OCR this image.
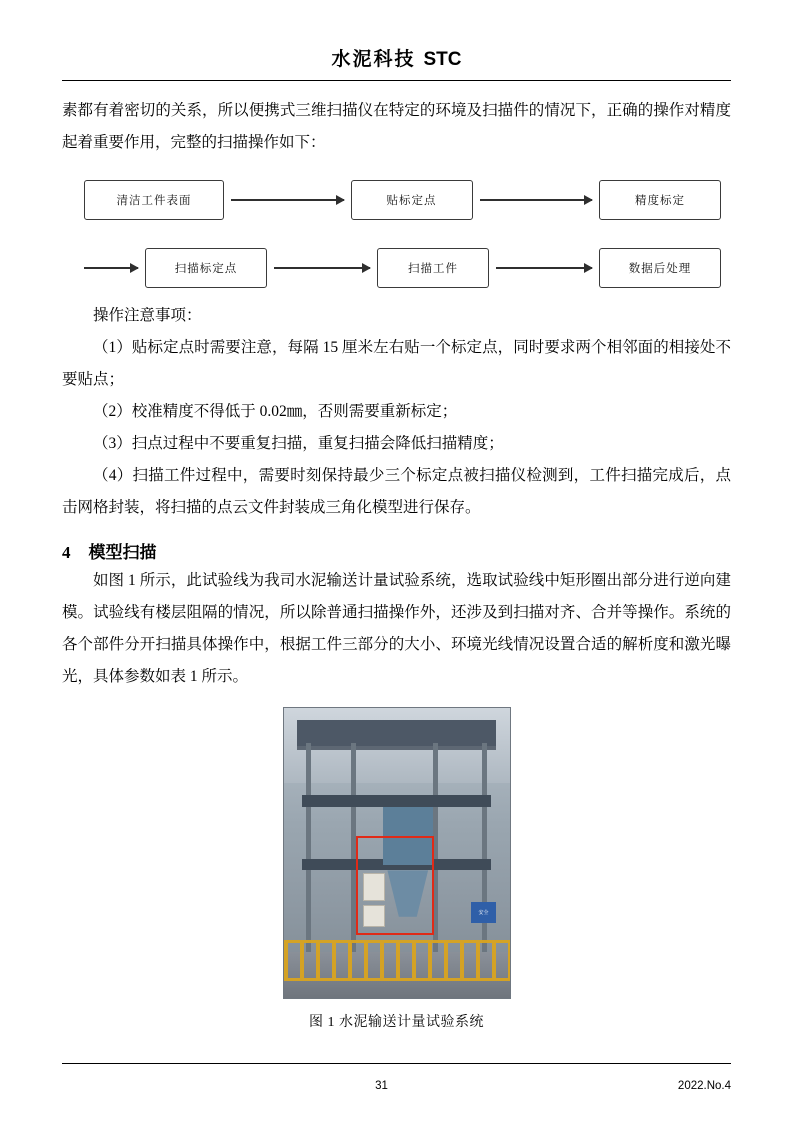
水泥科技 STC

素都有着密切的关系，所以便携式三维扫描仪在特定的环境及扫描件的情况下，正确的操作对精度起着重要作用，完整的扫描操作如下：

清洁工件表面	贴标定点	精度标定
扫描标定点	扫描工件	数据后处理

操作注意事项：

（1）贴标定点时需要注意，每隔 15 厘米左右贴一个标定点，同时要求两个相邻面的相接处不要贴点；

（2）校准精度不得低于 0.02㎜，否则需要重新标定；

（3）扫点过程中不要重复扫描，重复扫描会降低扫描精度；

（4）扫描工件过程中，需要时刻保持最少三个标定点被扫描仪检测到，工件扫描完成后，点击网格封装，将扫描的点云文件封装成三角化模型进行保存。

4 模型扫描

如图 1 所示，此试验线为我司水泥输送计量试验系统，选取试验线中矩形圈出部分进行逆向建模。试验线有楼层阻隔的情况，所以除普通扫描操作外，还涉及到扫描对齐、合并等操作。系统的各个部件分开扫描具体操作中，根据工件三部分的大小、环境光线情况设置合适的解析度和激光曝光，具体参数如表 1 所示。

安全
图 1 水泥输送计量试验系统
31	2022.No.4
